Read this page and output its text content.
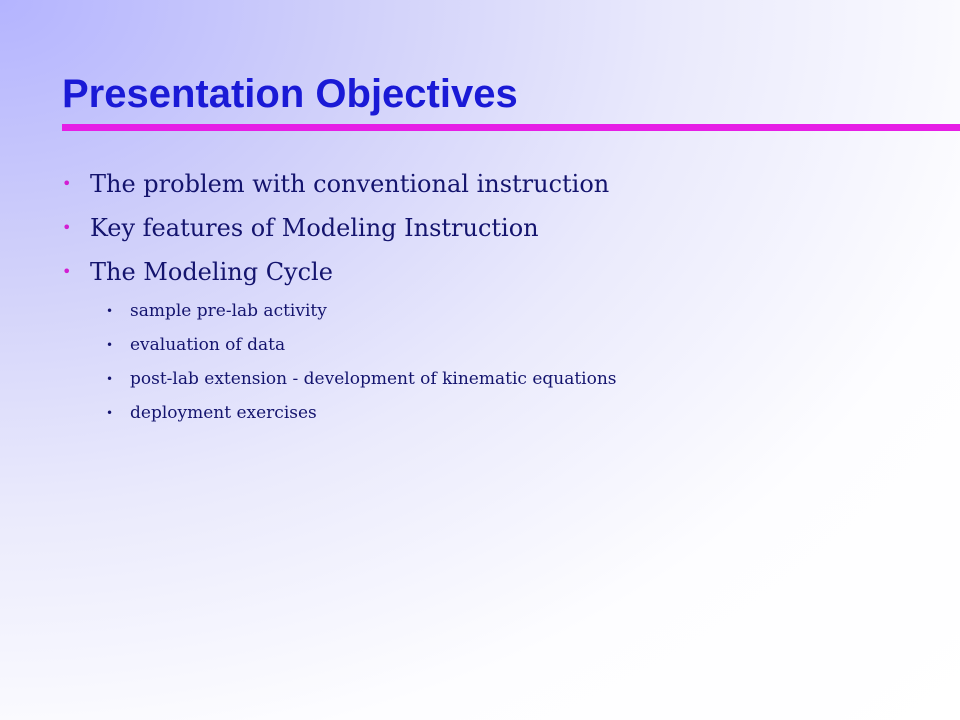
Presentation Objectives
• The problem with conventional instruction
• Key features of Modeling Instruction
• The Modeling Cycle
• sample pre-lab activity
• evaluation of data
• post-lab extension - development of kinematic equations
• deployment exercises
